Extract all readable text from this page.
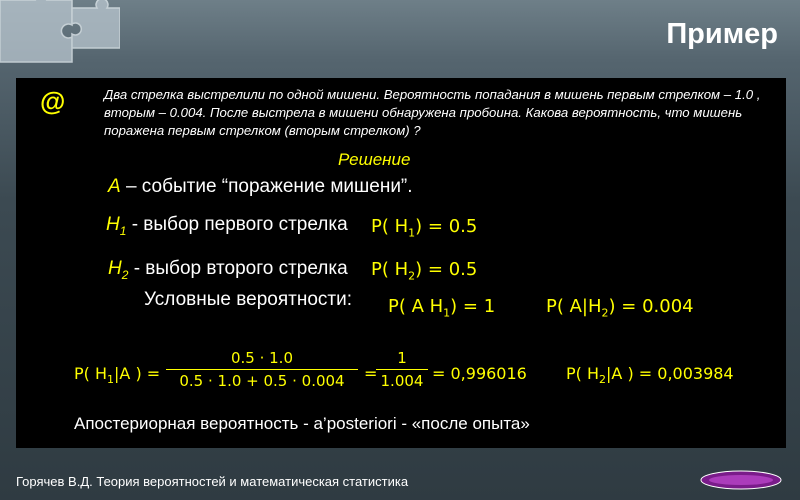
Пример
@	Два стрелка выстрелили по одной мишени. Вероятность попадания в мишень первым стрелком – 1.0 , вторым – 0.004. После выстрела в мишени обнаружена пробоина. Какова вероятность, что мишень поражена первым стрелком (вторым стрелком) ?
Решение
A – событие “поражение мишени”.
$H_1$ - выбор первого стрелка P( $H_1) = 0.5$
$H_2$ - выбор второго стрелка P( $H_2) = 0.5$
Условные вероятности: P( A $H_1) = 1$	P( $A|H_2) = 0.004$
P( $H_1|A$ ) = $\frac{0.5 \cdot 1.0}{0.5 \cdot 1.0 + 0.5 \cdot 0.004}$ =
$\frac{1}{1.004} = 0,996016$ P( $H_2|A$ ) = 0,003984
Апостериорная вероятность - a’posteriori - «после опыта»
Горячев В.Д. Теория вероятностей и математическая статистика
